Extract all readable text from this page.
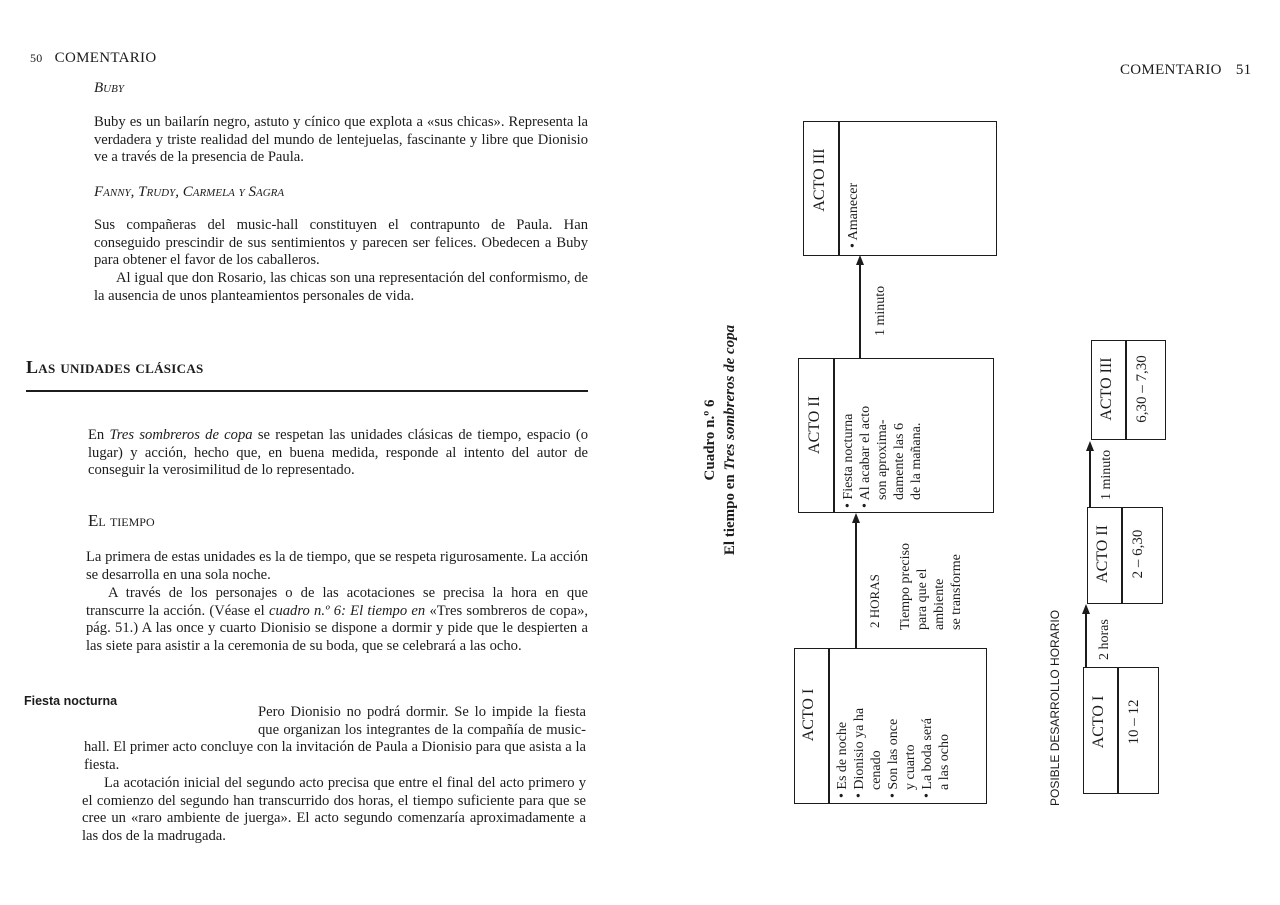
50 COMENTARIO
Buby

Buby es un bailarín negro, astuto y cínico que explota a «sus chicas». Representa la verdadera y triste realidad del mundo de lentejuelas, fascinante y libre que Dionisio ve a través de la presencia de Paula.

Fanny, Trudy, Carmela y Sagra

Sus compañeras del music-hall constituyen el contrapunto de Paula. Han conseguido prescindir de sus sentimientos y parecen ser felices. Obedecen a Buby para obtener el favor de los caballeros.

Al igual que don Rosario, las chicas son una representación del conformismo, de la ausencia de unos planteamientos personales de vida.

Las unidades clásicas

En Tres sombreros de copa se respetan las unidades clásicas de tiempo, espacio (o lugar) y acción, hecho que, en buena medida, responde al intento del autor de conseguir la verosimilitud de lo representado.

El tiempo

La primera de estas unidades es la de tiempo, que se respeta rigurosamente. La acción se desarrolla en una sola noche.

A través de los personajes o de las acotaciones se precisa la hora en que transcurre la acción. (Véase el cuadro n.º 6: El tiempo en «Tres sombreros de copa», pág. 51.) A las once y cuarto Dionisio se dispone a dormir y pide que le despierten a las siete para asistir a la ceremonia de su boda, que se celebrará a las ocho.

Fiesta nocturna

Pero Dionisio no podrá dormir. Se lo impide la fiesta que organizan los integrantes de la compañía de music-hall. El primer acto concluye con la invitación de Paula a Dionisio para que asista a la fiesta.

La acotación inicial del segundo acto precisa que entre el final del acto primero y el comienzo del segundo han transcurrido dos horas, el tiempo suficiente para que se cree un «raro ambiente de juerga». El acto segundo comenzaría aproximadamente a las dos de la madrugada.

COMENTARIO 51
Cuadro n.º 6
El tiempo en Tres sombreros de copa
ACTO I
• Es de noche
• Dionisio ya ha cenado
• Son las once y cuarto
• La boda será a las ocho
2 HORAS Tiempo preciso para que el ambiente se transforme
ACTO II
• Fiesta nocturna
• Al acabar el acto son aproxima- damente las 6 de la mañana.
1 minuto
ACTO III
• Amanecer
POSIBLE DESARROLLO HORARIO ACTO I 10 – 12
2 horas
ACTO II 2 – 6,30
1 minuto
ACTO III 6,30 – 7,30
